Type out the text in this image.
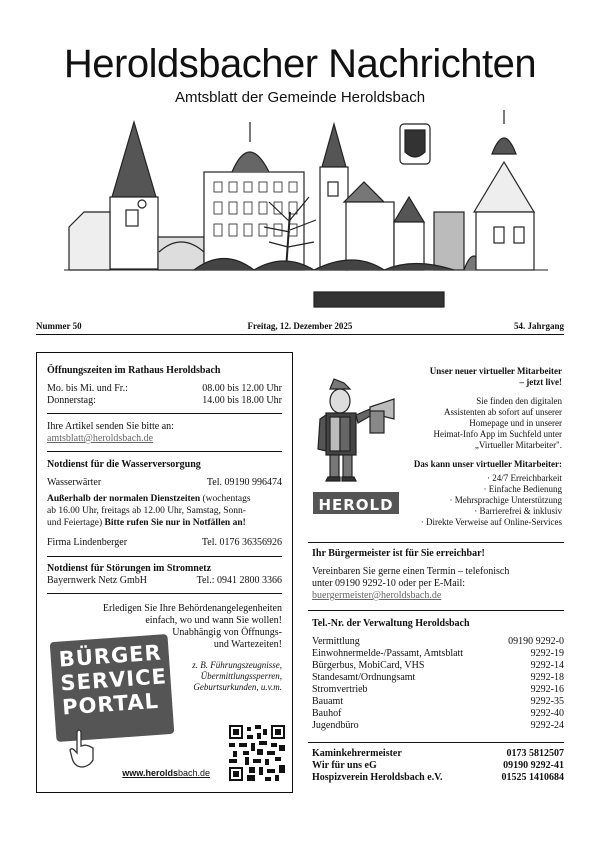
Heroldsbacher Nachrichten
Amtsblatt der Gemeinde Heroldsbach
Nummer 50	Freitag, 12. Dezember 2025	54. Jahrgang
Öffnungszeiten im Rathaus Heroldsbach
Mo. bis Mi. und Fr.:	08.00 bis 12.00 Uhr
Donnerstag:	14.00 bis 18.00 Uhr
Ihre Artikel senden Sie bitte an:
amtsblatt@heroldsbach.de
Notdienst für die Wasserversorgung
Wasserwärter	Tel. 09190 996474
Außerhalb der normalen Dienstzeiten (wochentags
ab 16.00 Uhr, freitags ab 12.00 Uhr, Samstag, Sonn-
und Feiertage) Bitte rufen Sie nur in Notfällen an!
Firma Lindenberger	Tel. 0176 36356926
Notdienst für Störungen im Stromnetz
Bayernwerk Netz GmbH	Tel.: 0941 2800 3366
Erledigen Sie Ihre Behördenangelegenheiten
einfach, wo und wann Sie wollen!
Unabhängig von Öffnungs-
und Wartezeiten!
BÜRGER
SERVICE
PORTAL
z. B. Führungszeugnisse,
Übermittlungssperren,
Geburtsurkunden, u.v.m.
www.heroldsbach.de
HEROLD
Unser neuer virtueller Mitarbeiter
– jetzt live!
Sie finden den digitalen
Assistenten ab sofort auf unserer
Homepage und in unserer
Heimat-Info App im Suchfeld unter
„Virtueller Mitarbeiter".
Das kann unser virtueller Mitarbeiter:
· 24/7 Erreichbarkeit
· Einfache Bedienung
· Mehrsprachige Unterstützung
· Barrierefrei & inklusiv
· Direkte Verweise auf Online-Services
Ihr Bürgermeister ist für Sie erreichbar!
Vereinbaren Sie gerne einen Termin – telefonisch
unter 09190 9292-10 oder per E-Mail:
buergermeister@heroldsbach.de
Tel.-Nr. der Verwaltung Heroldsbach
Vermittlung	09190 9292-0
Einwohnermelde-/Passamt, Amtsblatt	9292-19
Bürgerbus, MobiCard, VHS	9292-14
Standesamt/Ordnungsamt	9292-18
Stromvertrieb	9292-16
Bauamt	9292-35
Bauhof	9292-40
Jugendbüro	9292-24
Kaminkehrermeister	0173 5812507
Wir für uns eG	09190 9292-41
Hospizverein Heroldsbach e.V.	01525 1410684
